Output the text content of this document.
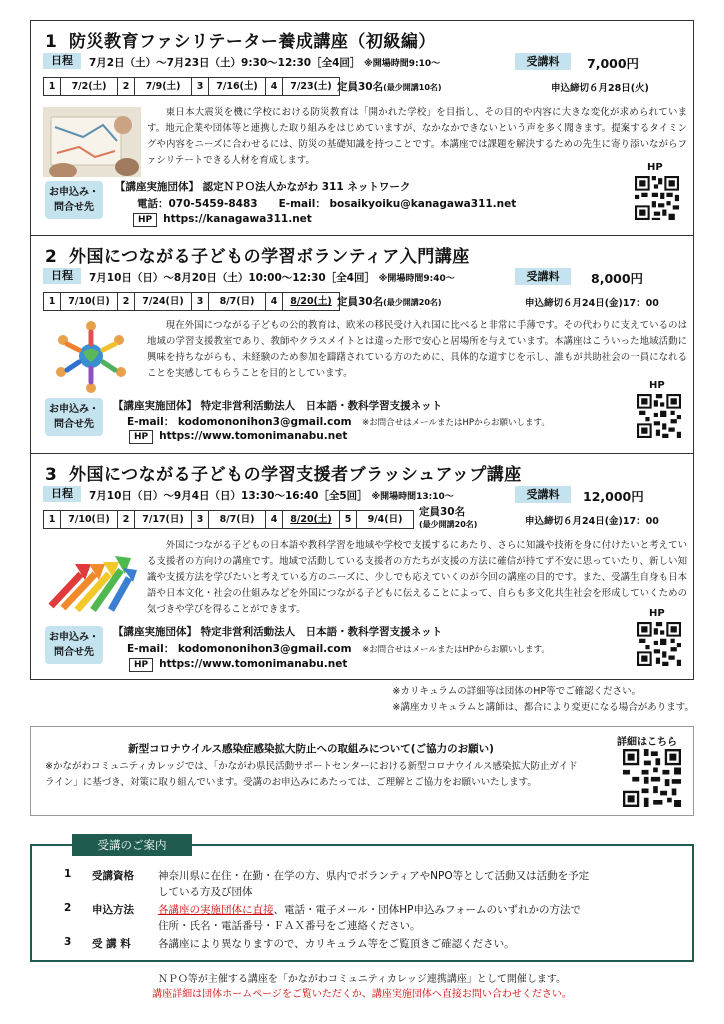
1 防災教育ファシリテーター養成講座（初級編）
日程	7月2日（土）～7月23日（土）9:30～12:30［全4回］ ※開場時間9:10～	受講料	7,000円
1	7/2(土)	2	7/9(土)	3	7/16(土)	4	7/23(土) 定員30名(最少開講10名)	申込締切６月28日(火)
東日本大震災を機に学校における防災教育は「開かれた学校」を目指し、その目的や内容に大きな変化が求められています。地元企業や団体等と連携した取り組みをはじめていますが、なかなかできないという声を多く聞きます。提案するタイミングや内容をニーズに合わせるには、防災の基礎知識を持つことです。本講座では課題を解決するための先生に寄り添いながらファシリテートできる人材を育成します。
お申込み・
問合せ先
【講座実施団体】 認定ＮＰＯ法人かながわ 311 ネットワーク
電話：070-5459-8483　　E-mail： bosaikyoiku@kanagawa311.net
HP https://kanagawa311.net
HP
2 外国につながる子どもの学習ボランティア入門講座
日程	7月10日（日）～8月20日（土）10:00～12:30［全4回］ ※開場時間9:40～	受講料	8,000円
1	7/10(日)	2	7/24(日)	3	8/7(日)	4	8/20(土) 定員30名(最少開講20名)	申込締切６月24日(金)17：00
現在外国につながる子どもの公的教育は、欧米の移民受け入れ国に比べると非常に手薄です。その代わりに支えているのは地域の学習支援教室であり、教師やクラスメイトとは違った形で安心と居場所を与えています。本講座はこういった地域活動に興味を持ちながらも、未経験のため参加を躊躇されている方のために、具体的な道すじを示し、誰もが共助社会の一員になれることを実感してもらうことを目的としています。
お申込み・
問合せ先
【講座実施団体】 特定非営利活動法人　日本語・教科学習支援ネット
E-mail： kodomononihon3@gmail.com　 ※お問合せはメールまたはHPからお願いします。
HP https://www.tomonimanabu.net
HP
3 外国につながる子どもの学習支援者ブラッシュアップ講座
日程	7月10日（日）～9月4日（日）13:30～16:40［全5回］ ※開場時間13:10～	受講料	12,000円
1	7/10(日)	2	7/17(日)	3	8/7(日)	4	8/20(土)	5	9/4(日)
定員30名
(最少開講20名)	申込締切６月24日(金)17：00
外国につながる子どもの日本語や教科学習を地域や学校で支援するにあたり、さらに知識や技術を身に付けたいと考えている支援者の方向けの講座です。地域で活動している支援者の方たちが支援の方法に確信が持てず不安に思っていたり、新しい知識や支援方法を学びたいと考えている方のニーズに、少しでも応えていくのが今回の講座の目的です。また、受講生自身も日本語や日本文化・社会の仕組みなどを外国につながる子どもに伝えることによって、自らも多文化共生社会を形成していくための気づきや学びを得ることができます。
お申込み・
問合せ先
【講座実施団体】 特定非営利活動法人　日本語・教科学習支援ネット
E-mail： kodomononihon3@gmail.com　 ※お問合せはメールまたはHPからお願いします。
HP https://www.tomonimanabu.net
HP
※カリキュラムの詳細等は団体のHP等でご確認ください。
※講座カリキュラムと講師は、都合により変更になる場合があります。
新型コロナウイルス感染症感染拡大防止への取組みについて(ご協力のお願い)
※かながわコミュニティカレッジでは、「かながわ県民活動サポートセンターにおける新型コロナウイルス感染拡大防止ガイドライン」に基づき、対策に取り組んでいます。受講のお申込みにあたっては、ご理解とご協力をお願いいたします。
詳細はこちら
受講のご案内
1 受講資格 神奈川県に在住・在勤・在学の方、県内でボランティアやNPO等として活動又は活動を予定
している方及び団体
2 申込方法 各講座の実施団体に直接、電話・電子メール・団体HP申込みフォームのいずれかの方法で
住所・氏名・電話番号・ＦＡＸ番号をご連絡ください。
3 受 講 料	各講座により異なりますので、カリキュラム等をご覧頂きご確認ください。
ＮＰＯ等が主催する講座を「かながわコミュニティカレッジ連携講座」として開催します。
講座詳細は団体ホームページをご覧いただくか、講座実施団体へ直接お問い合わせください。
